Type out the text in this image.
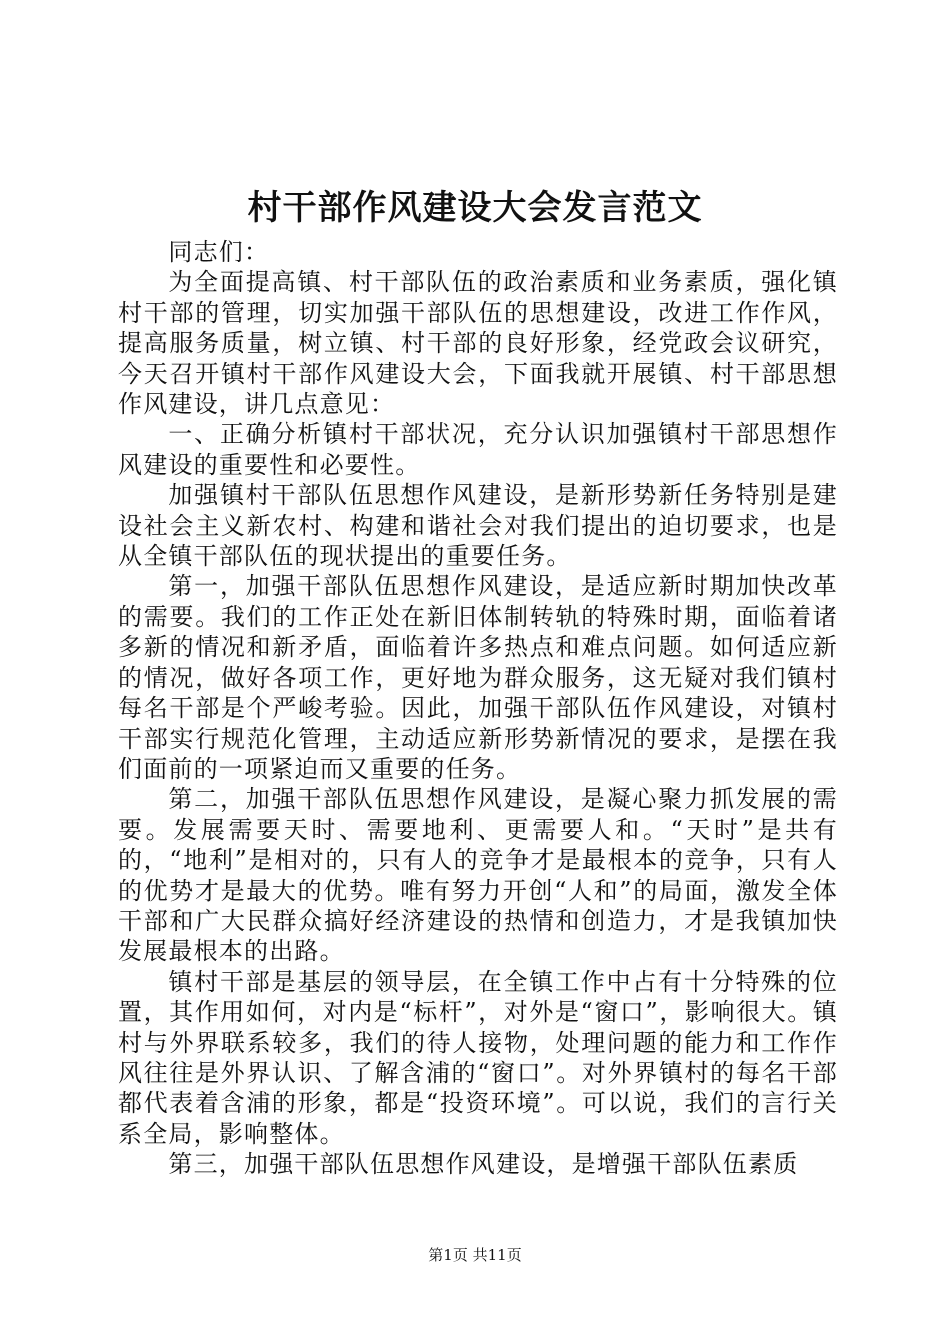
村干部作风建设大会发言范文

同志们：

为全面提高镇、村干部队伍的政治素质和业务素质，强化镇村干部的管理，切实加强干部队伍的思想建设，改进工作作风，提高服务质量，树立镇、村干部的良好形象，经党政会议研究，今天召开镇村干部作风建设大会，下面我就开展镇、村干部思想作风建设，讲几点意见：

一、正确分析镇村干部状况，充分认识加强镇村干部思想作风建设的重要性和必要性。

加强镇村干部队伍思想作风建设，是新形势新任务特别是建设社会主义新农村、构建和谐社会对我们提出的迫切要求，也是从全镇干部队伍的现状提出的重要任务。

第一，加强干部队伍思想作风建设，是适应新时期加快改革的需要。我们的工作正处在新旧体制转轨的特殊时期，面临着诸多新的情况和新矛盾，面临着许多热点和难点问题。如何适应新的情况，做好各项工作，更好地为群众服务，这无疑对我们镇村每名干部是个严峻考验。因此，加强干部队伍作风建设，对镇村干部实行规范化管理，主动适应新形势新情况的要求，是摆在我们面前的一项紧迫而又重要的任务。

第二，加强干部队伍思想作风建设，是凝心聚力抓发展的需要。发展需要天时、需要地利、更需要人和。“天时”是共有的，“地利”是相对的，只有人的竞争才是最根本的竞争，只有人的优势才是最大的优势。唯有努力开创“人和”的局面，激发全体干部和广大民群众搞好经济建设的热情和创造力，才是我镇加快发展最根本的出路。

镇村干部是基层的领导层，在全镇工作中占有十分特殊的位置，其作用如何，对内是“标杆”，对外是“窗口”，影响很大。镇村与外界联系较多，我们的待人接物，处理问题的能力和工作作风往往是外界认识、了解含浦的“窗口”。对外界镇村的每名干部都代表着含浦的形象，都是“投资环境”。可以说，我们的言行关系全局，影响整体。

第三，加强干部队伍思想作风建设，是增强干部队伍素质

第1页 共11页
